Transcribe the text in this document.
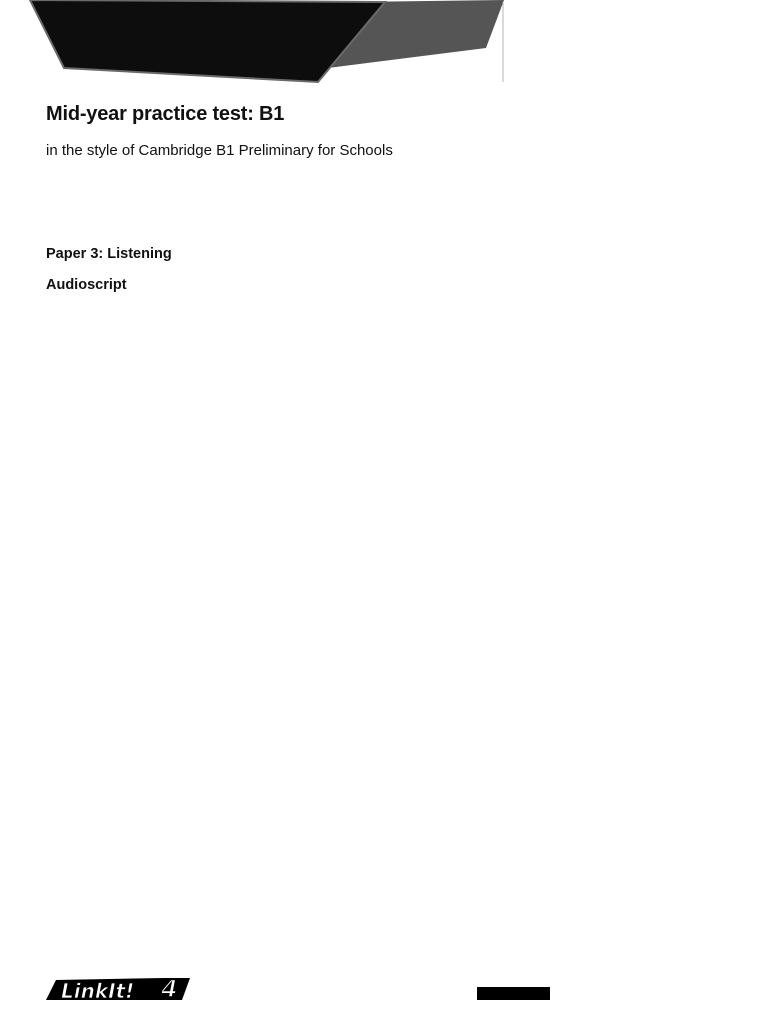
Mid-year practice test: B1

in the style of Cambridge B1 Preliminary for Schools

Paper 3: Listening

Audioscript

LinkIt! 4
